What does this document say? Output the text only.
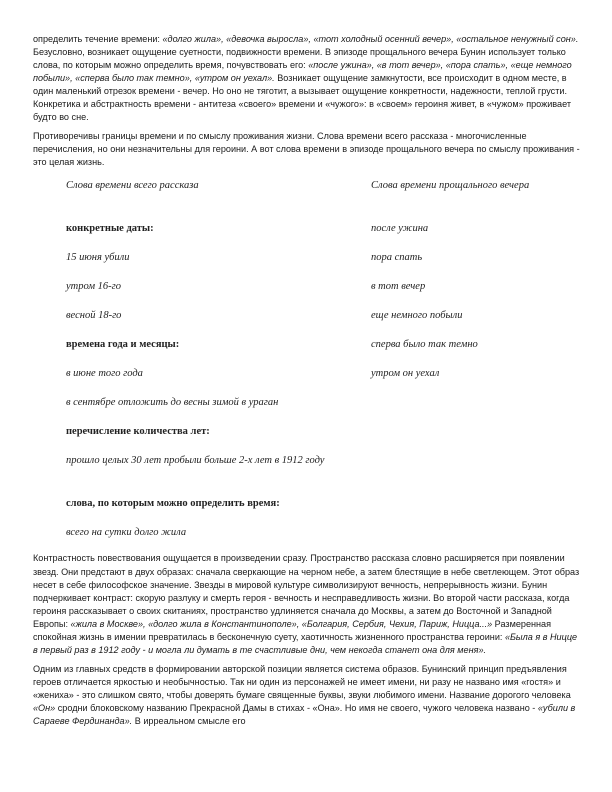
определить течение времени: «долго жила», «девочка выросла», «тот холодный осенний вечер», «остальное ненужный сон». Безусловно, возникает ощущение суетности, подвижности времени. В эпизоде прощального вечера Бунин использует только слова, по которым можно определить время, почувствовать его: «после ужина», «в тот вечер», «пора спать», «еще немного побыли», «сперва было так темно», «утром он уехал». Возникает ощущение замкнутости, все происходит в одном месте, в один маленький отрезок времени - вечер. Но оно не тяготит, а вызывает ощущение конкретности, надежности, теплой грусти. Конкретика и абстрактность времени - антитеза «своего» времени и «чужого»: в «своем» героиня живет, в «чужом» проживает будто во сне.

Противоречивы границы времени и по смыслу проживания жизни. Слова времени всего рассказа - многочисленные перечисления, но они незначительны для героини. А вот слова времени в эпизоде прощального вечера по смыслу проживания - это целая жизнь.

Слова времени всего рассказа	Слова времени прощального вечера
конкретные даты:
15 июня убили
утром 16-го
весной 18-го
времена года и месяцы:
в июне того года
в сентябре отложить до весны зимой в ураган
перечисление количества лет:
прошло целых 30 лет пробыли больше 2-х лет в 1912 году
слова, по которым можно определить время:
всего на сутки долго жила
после ужина
пора спать
в тот вечер
еще немного побыли
сперва было так темно
утром он уехал

Контрастность повествования ощущается в произведении сразу. Пространство рассказа словно расширяется при появлении звезд. Они предстают в двух образах: сначала сверкающие на черном небе, а затем блестящие в небе светлеющем. Этот образ несет в себе философское значение. Звезды в мировой культуре символизируют вечность, непрерывность жизни. Бунин подчеркивает контраст: скорую разлуку и смерть героя - вечность и несправедливость жизни. Во второй части рассказа, когда героиня рассказывает о своих скитаниях, пространство удлиняется сначала до Москвы, а затем до Восточной и Западной Европы: «жила в Москве», «долго жила в Константинополе», «Болгария, Сербия, Чехия, Париж, Ницца...» Размеренная спокойная жизнь в имении превратилась в бесконечную суету, хаотичность жизненного пространства героини: «Была я в Ницце в первый раз в 1912 году - и могла ли думать в те счастливые дни, чем некогда станет она для меня».

Одним из главных средств в формировании авторской позиции является система образов. Бунинский принцип предъявления героев отличается яркостью и необычностью. Так ни один из персонажей не имеет имени, ни разу не названо имя «гостя» и «жениха» - это слишком свято, чтобы доверять бумаге священные буквы, звуки любимого имени. Название дорогого человека «Он» сродни блоковскому названию Прекрасной Дамы в стихах - «Она». Но имя не своего, чужого человека названо - «убили в Сараеве Фердинанда». В ирреальном смысле его
